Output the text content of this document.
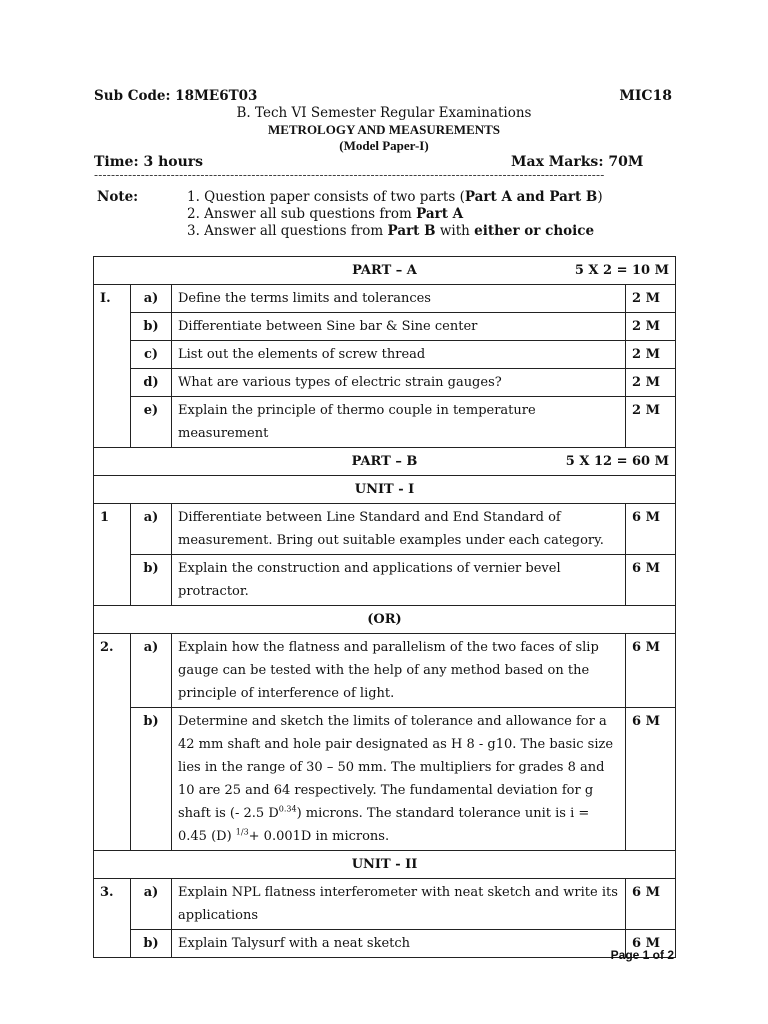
Sub Code: 18ME6T03	MIC18
B. Tech VI Semester Regular Examinations
METROLOGY AND MEASUREMENTS
(Model Paper-I)
Time: 3 hours	Max Marks: 70M
------------------------------------------------------------------------------------------------------------------------
Note:	1. Question paper consists of two parts (Part A and Part B)
2. Answer all sub questions from Part A
3. Answer all questions from Part B with either or choice
PART – A 5 X 2 = 10 M			

I.	a)	Define the terms limits and tolerances	2 M
	b)	Differentiate between Sine bar & Sine center	2 M
	c)	List out the elements of screw thread	2 M
	d)	What are various types of electric strain gauges?	2 M
	e)	Explain the principle of thermo couple in temperature measurement	2 M

PART – B 5 X 12 = 60 M			

UNIT - I			
1	a)	Differentiate between Line Standard and End Standard of measurement. Bring out suitable examples under each category.	6 M
	b)	Explain the construction and applications of vernier bevel protractor.	6 M
(OR)			
2.	a)	Explain how the flatness and parallelism of the two faces of slip gauge can be tested with the help of any method based on the principle of interference of light.	6 M
	b)	Determine and sketch the limits of tolerance and allowance for a 42 mm shaft and hole pair designated as H 8 - g10. The basic size lies in the range of 30 – 50 mm. The multipliers for grades 8 and 10 are 25 and 64 respectively. The fundamental deviation for g shaft is (- 2.5 $D^{0.34}$) microns. The standard tolerance unit is i = 0.45 (D) $^{1/3}$+ 0.001D in microns.	6 M
UNIT - II			
3.	a)	Explain NPL flatness interferometer with neat sketch and write its applications	6 M
	b)	Explain Talysurf with a neat sketch	6 M
Page 1 of 2
